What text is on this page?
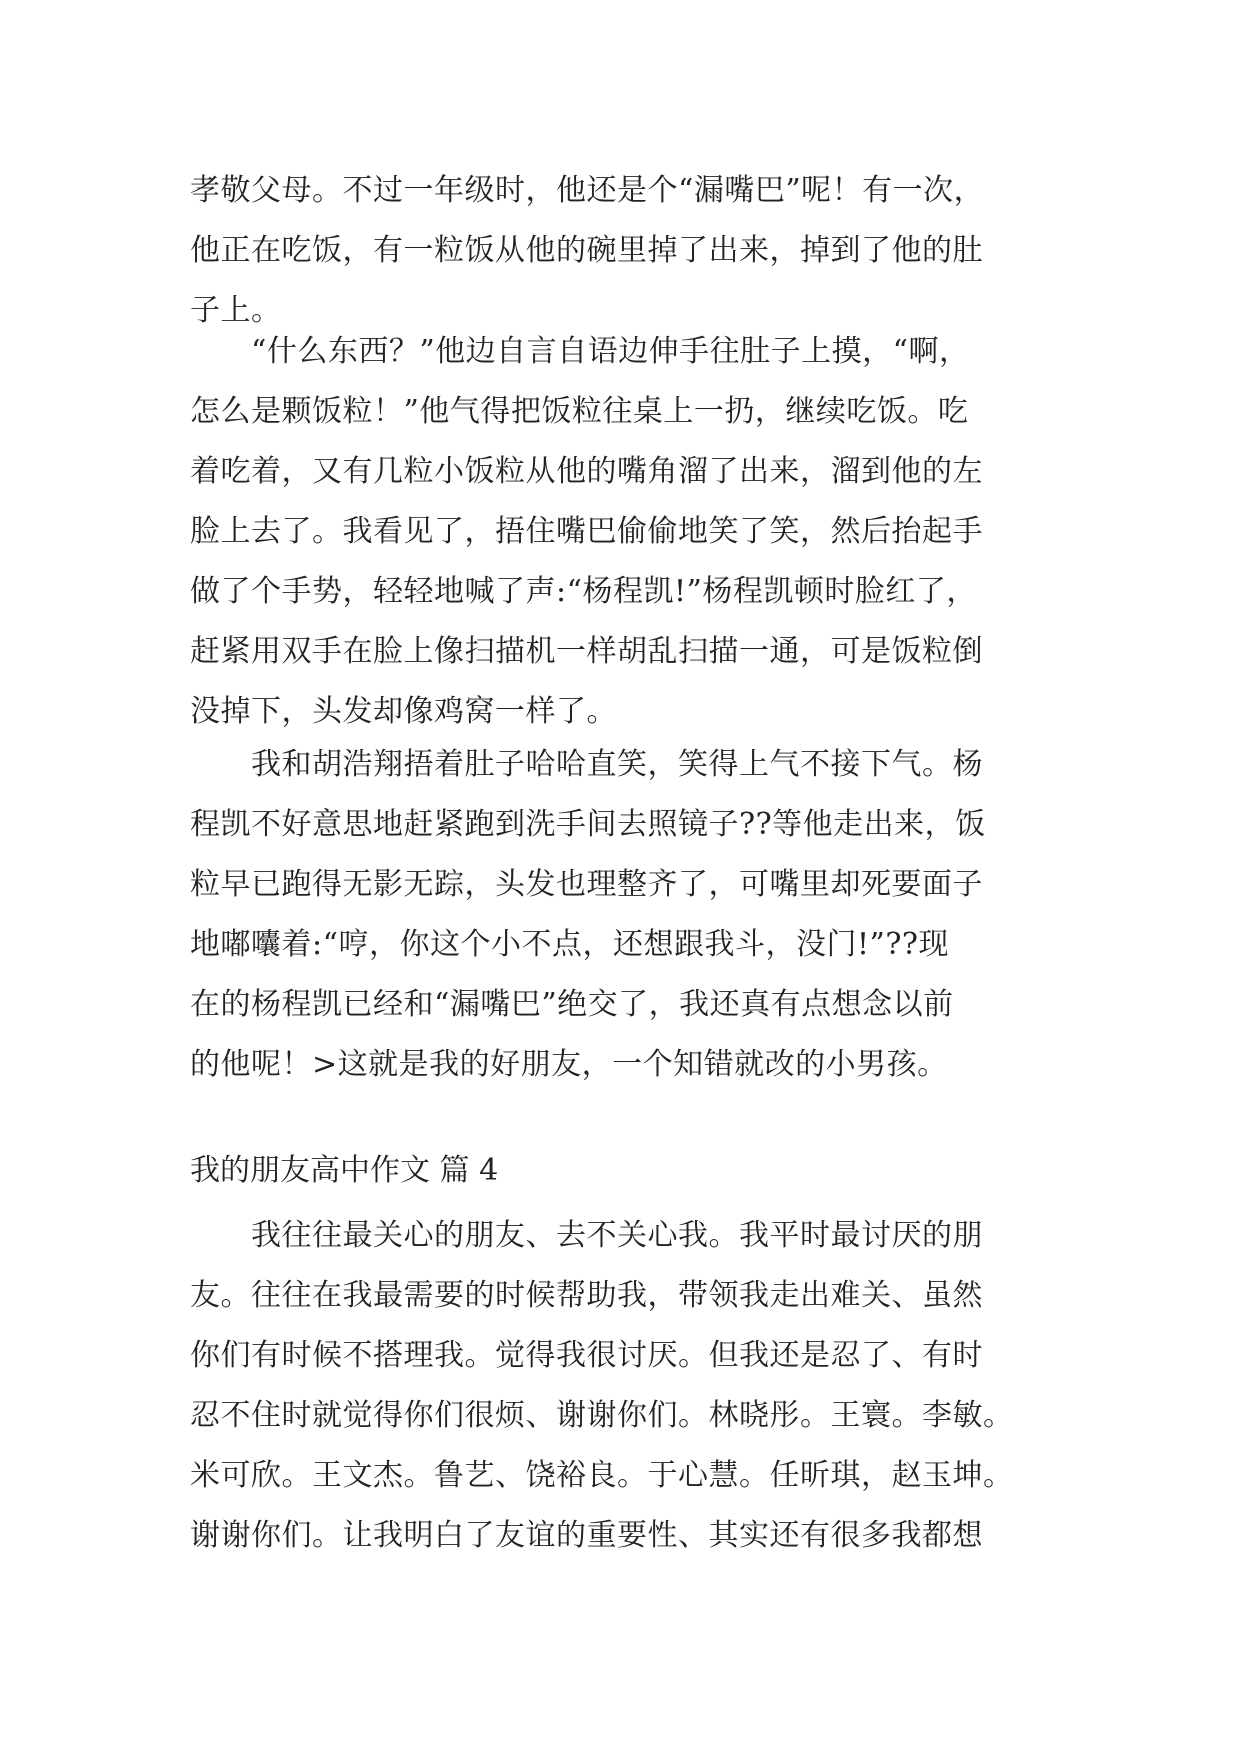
孝敬父母。不过一年级时，他还是个“漏嘴巴”呢！有一次，
他正在吃饭，有一粒饭从他的碗里掉了出来，掉到了他的肚
子上。
　　“什么东西？”他边自言自语边伸手往肚子上摸，“啊，
怎么是颗饭粒！”他气得把饭粒往桌上一扔，继续吃饭。吃
着吃着，又有几粒小饭粒从他的嘴角溜了出来，溜到他的左
脸上去了。我看见了，捂住嘴巴偷偷地笑了笑，然后抬起手
做了个手势，轻轻地喊了声:“杨程凯!”杨程凯顿时脸红了，
赶紧用双手在脸上像扫描机一样胡乱扫描一通，可是饭粒倒
没掉下，头发却像鸡窝一样了。
　　我和胡浩翔捂着肚子哈哈直笑，笑得上气不接下气。杨
程凯不好意思地赶紧跑到洗手间去照镜子??等他走出来，饭
粒早已跑得无影无踪，头发也理整齐了，可嘴里却死要面子
地嘟囔着:“哼，你这个小不点，还想跟我斗，没门!”??现
在的杨程凯已经和“漏嘴巴”绝交了，我还真有点想念以前
的他呢！>这就是我的好朋友，一个知错就改的小男孩。
我的朋友高中作文 篇 4
　　我往往最关心的朋友、去不关心我。我平时最讨厌的朋
友。往往在我最需要的时候帮助我，带领我走出难关、虽然
你们有时候不搭理我。觉得我很讨厌。但我还是忍了、有时
忍不住时就觉得你们很烦、谢谢你们。林晓彤。王寰。李敏。
米可欣。王文杰。鲁艺、饶裕良。于心慧。任昕琪，赵玉坤。
谢谢你们。让我明白了友谊的重要性、其实还有很多我都想
